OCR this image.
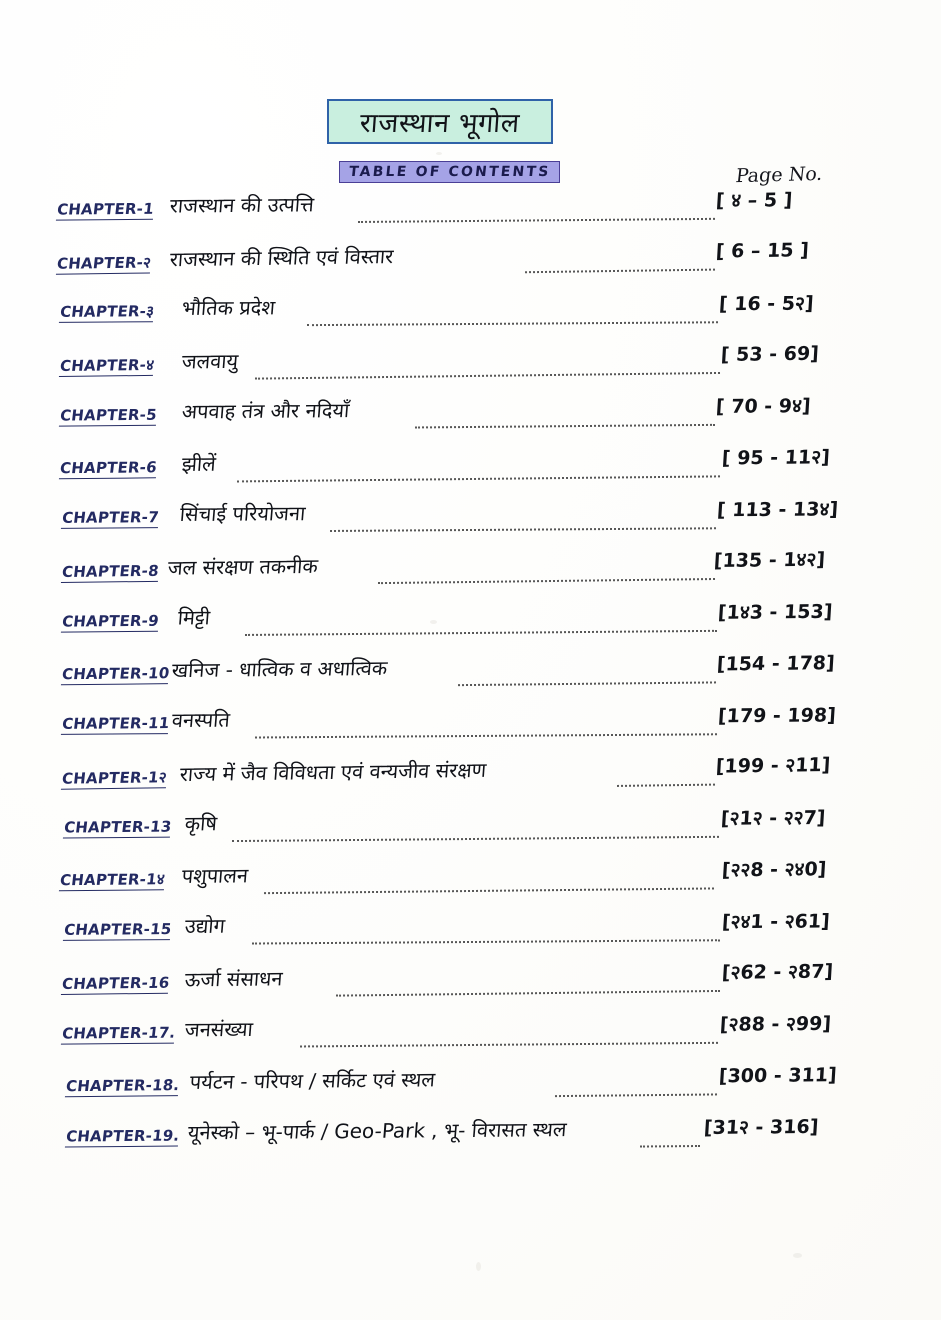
राजस्थान भूगोल
TABLE OF CONTENTS	Page No.
CHAPTER-1 राजस्थान की उत्पत्ति	[ ४ – 5 ]
CHAPTER-२ राजस्थान की स्थिति एवं विस्तार	[ 6 – 15 ]
CHAPTER-३ भौतिक प्रदेश	[ 16 - 5२]
CHAPTER-४ जलवायु	[ 53 - 69]
CHAPTER-5 अपवाह तंत्र और नदियाँ	[ 70 - 9४]
CHAPTER-6 झीलें	[ 95 - 11२]
CHAPTER-7 सिंचाई परियोजना	[ 113 - 13४]
CHAPTER-8 जल संरक्षण तकनीक	[135 - 1४२]
CHAPTER-9 मिट्टी	[1४3 - 153]
CHAPTER-10 खनिज - धात्विक व अधात्विक	[154 - 178]
CHAPTER-11 वनस्पति	[179 - 198]
CHAPTER-1२ राज्य में जैव विविधता एवं वन्यजीव संरक्षण	[199 - २11]
CHAPTER-13 कृषि	[२1२ - २२7]
CHAPTER-1४ पशुपालन	[२२8 - २४0]
CHAPTER-15 उद्योग	[२४1 - २61]
CHAPTER-16 ऊर्जा संसाधन	[२62 - २87]
CHAPTER-17. जनसंख्या	[२88 - २99]
CHAPTER-18. पर्यटन - परिपथ / सर्किट एवं स्थल	[300 - 311]
CHAPTER-19. यूनेस्को – भू-पार्क / Geo-Park , भू- विरासत स्थल	[31२ - 316]
